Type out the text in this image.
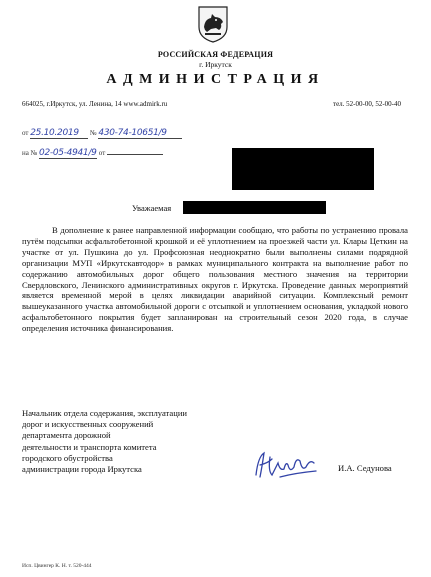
РОССИЙСКАЯ ФЕДЕРАЦИЯ
г. Иркутск
АДМИНИСТРАЦИЯ
664025, г.Иркутск, ул. Ленина, 14 www.admirk.ru	тел. 52-00-00, 52-00-40
от 25.10.2019 № 430-74-10651/9
на № 02-05-4941/9 от
Уважаемая

В дополнение к ранее направленной информации сообщаю, что работы по устранению провала путём подсыпки асфальтобетонной крошкой и её уплотнением на проезжей части ул. Клары Цеткин на участке от ул. Пушкина до ул. Профсоюзная неоднократно были выполнены силами подрядной организации МУП «Иркутскавтодор» в рамках муниципального контракта на выполнение работ по содержанию автомобильных дорог общего пользования местного значения на территории Свердловского, Ленинского административных округов г. Иркутска. Проведение данных мероприятий является временной мерой в целях ликвидации аварийной ситуации. Комплексный ремонт вышеуказанного участка автомобильной дороги с отсыпкой и уплотнением основания, укладкой нового асфальтобетонного покрытия будет запланирован на строительный сезон 2020 года, в случае определения источника финансирования.

Начальник отдела содержания, эксплуатации
дорог и искусственных сооружений
департамента дорожной
деятельности и транспорта комитета
городского обустройства
администрации города Иркутска	И.А. Седунова
Исп. Цвингер К. Н. т. 520-444
